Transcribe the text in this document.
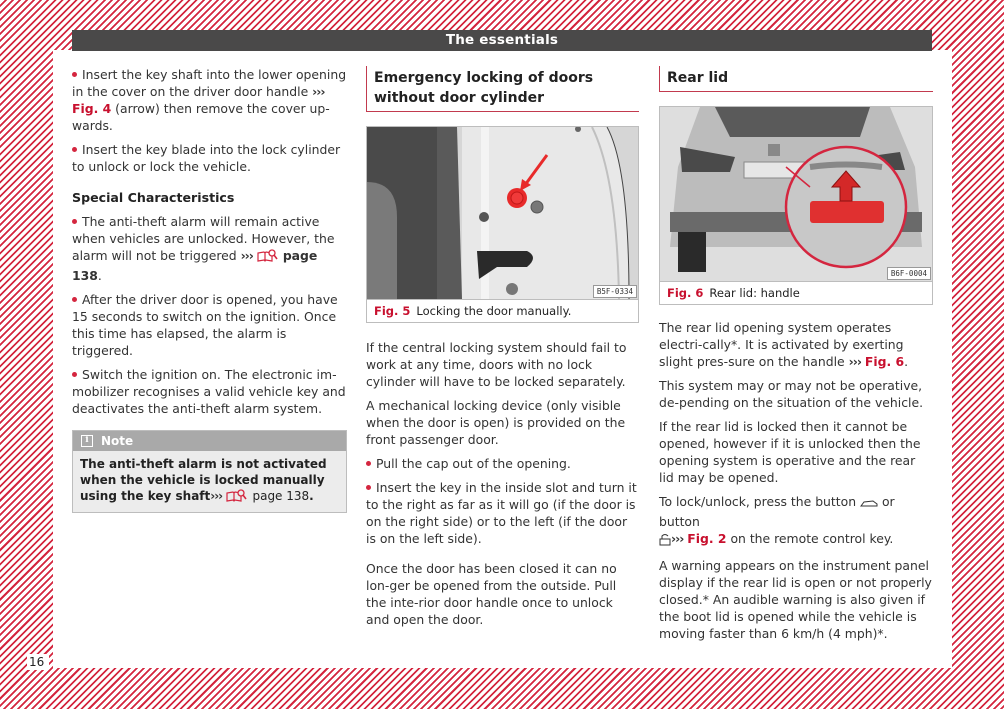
The essentials
16

Insert the key shaft into the lower opening in the cover on the driver door handle ››› Fig. 4 (arrow) then remove the cover up-wards.

Insert the key blade into the lock cylinder to unlock or lock the vehicle.

Special Characteristics

The anti-theft alarm will remain active when vehicles are unlocked. However, the alarm will not be triggered ››› page 138.

After the driver door is opened, you have 15 seconds to switch on the ignition. Once this time has elapsed, the alarm is triggered.

Switch the ignition on. The electronic im-mobilizer recognises a valid vehicle key and deactivates the anti-theft alarm system.

i	Note
The anti-theft alarm is not activated when the vehicle is locked manually using the key shaft›››	page 138.
Emergency locking of doors without door cylinder
B5F-0334
Fig. 5 Locking the door manually.

If the central locking system should fail to work at any time, doors with no lock cylinder will have to be locked separately.

A mechanical locking device (only visible when the door is open) is provided on the front passenger door.

Pull the cap out of the opening.

Insert the key in the inside slot and turn it to the right as far as it will go (if the door is on the right side) or to the left (if the door is on the left side).

Once the door has been closed it can no lon-ger be opened from the outside. Pull the inte-rior door handle once to unlock and open the door.

Rear lid
B6F-0004
Fig. 6 Rear lid: handle

The rear lid opening system operates electri-cally*. It is activated by exerting slight pres-sure on the handle ››› Fig. 6.

This system may or may not be operative, de-pending on the situation of the vehicle.

If the rear lid is locked then it cannot be opened, however if it is unlocked then the opening system is operative and the rear lid may be opened.

To lock/unlock, press the button  or button
››› Fig. 2 on the remote control key.

A warning appears on the instrument panel display if the rear lid is open or not properly closed.* An audible warning is also given if the boot lid is opened while the vehicle is moving faster than 6 km/h (4 mph)*.
